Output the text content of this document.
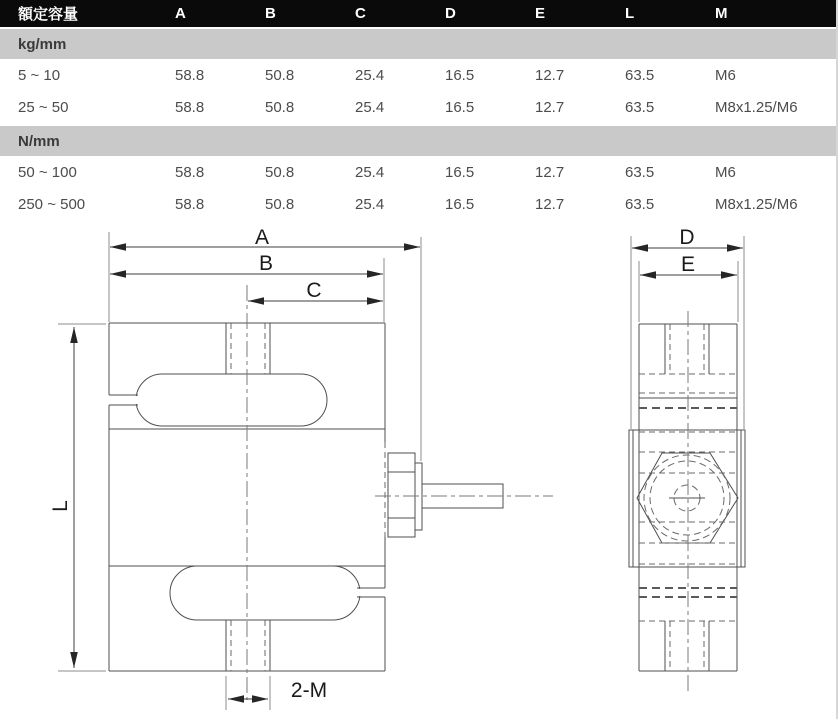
額定容量	A	B	C	D	E	L	M
kg/mm
5 ~ 10	58.8	50.8	25.4	16.5	12.7	63.5	M6
25 ~ 50	58.8	50.8	25.4	16.5	12.7	63.5	M8x1.25/M6
N/mm
50 ~ 100	58.8	50.8	25.4	16.5	12.7	63.5	M6
250 ~ 500	58.8	50.8	25.4	16.5	12.7	63.5	M8x1.25/M6
A
B
C
L
2-M
D
E
